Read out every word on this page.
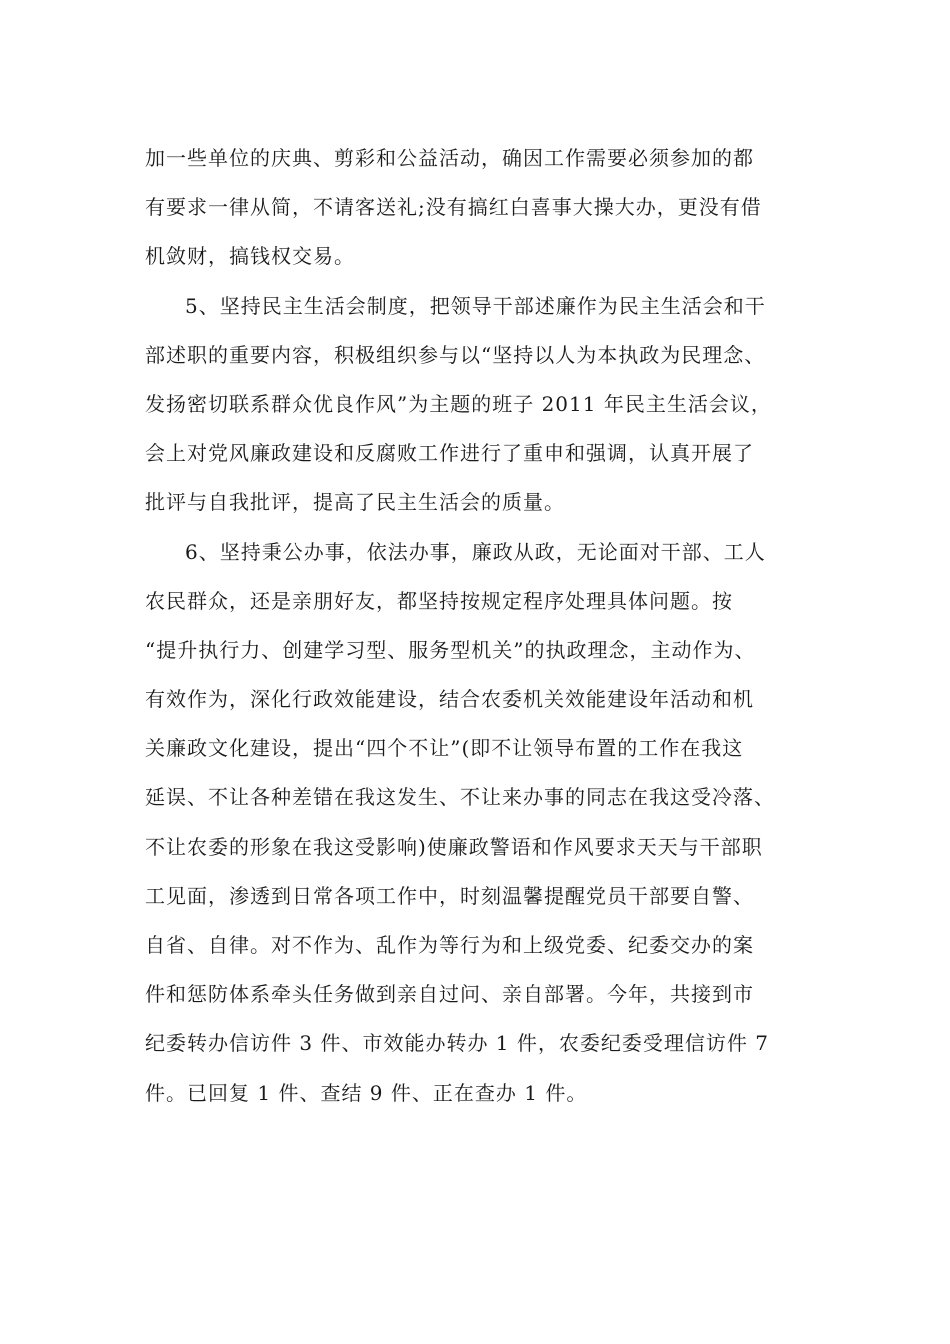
加一些单位的庆典、剪彩和公益活动，确因工作需要必须参加的都
有要求一律从简，不请客送礼;没有搞红白喜事大操大办，更没有借
机敛财，搞钱权交易。
5、坚持民主生活会制度，把领导干部述廉作为民主生活会和干
部述职的重要内容，积极组织参与以“坚持以人为本执政为民理念、
发扬密切联系群众优良作风”为主题的班子 2011 年民主生活会议，
会上对党风廉政建设和反腐败工作进行了重申和强调，认真开展了
批评与自我批评，提高了民主生活会的质量。
6、坚持秉公办事，依法办事，廉政从政，无论面对干部、工人
农民群众，还是亲朋好友，都坚持按规定程序处理具体问题。按
“提升执行力、创建学习型、服务型机关”的执政理念，主动作为、
有效作为，深化行政效能建设，结合农委机关效能建设年活动和机
关廉政文化建设，提出“四个不让”(即不让领导布置的工作在我这
延误、不让各种差错在我这发生、不让来办事的同志在我这受冷落、
不让农委的形象在我这受影响)使廉政警语和作风要求天天与干部职
工见面，渗透到日常各项工作中，时刻温馨提醒党员干部要自警、
自省、自律。对不作为、乱作为等行为和上级党委、纪委交办的案
件和惩防体系牵头任务做到亲自过问、亲自部署。今年，共接到市
纪委转办信访件 3 件、市效能办转办 1 件，农委纪委受理信访件 7
件。已回复 1 件、查结 9 件、正在查办 1 件。
